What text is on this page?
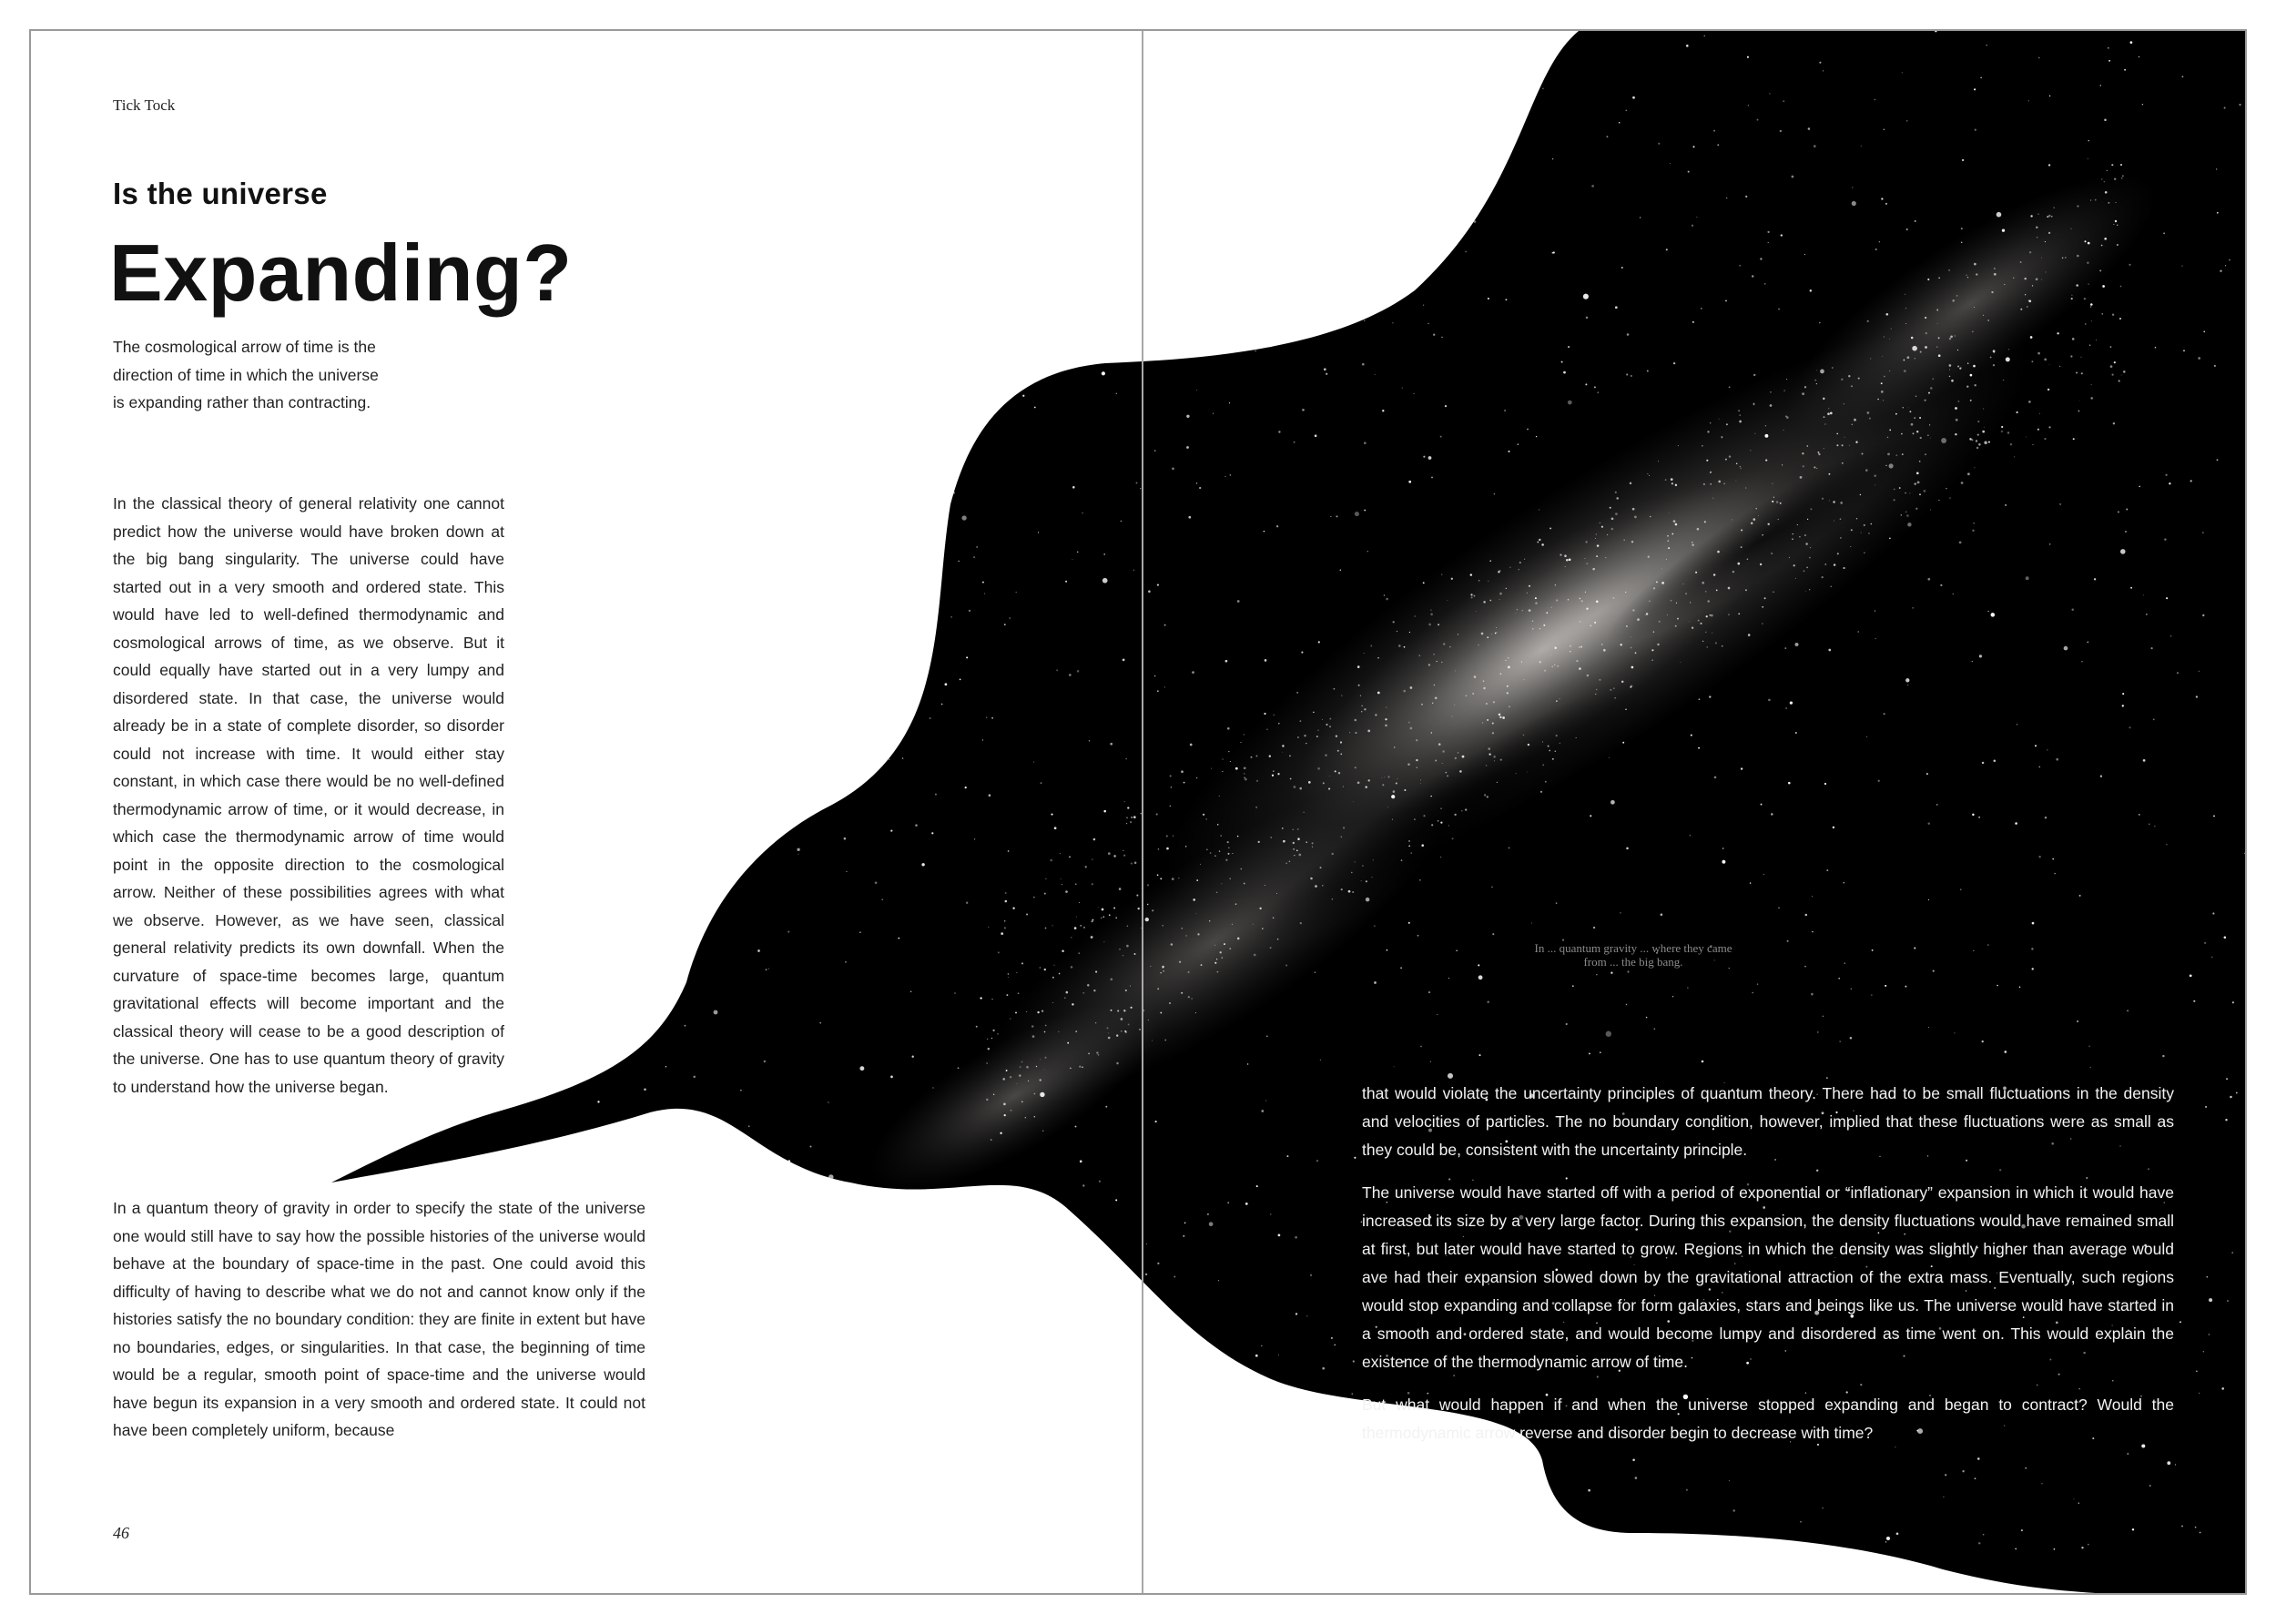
Tick Tock
Is the universe
Expanding?
The cosmological arrow of time is the direction of time in which the universe is expanding rather than contracting.
In the classical theory of general relativity one cannot predict how the universe would have broken down at the big bang singularity. The universe could have started out in a very smooth and ordered state. This would have led to well-defined thermodynamic and cosmological arrows of time, as we observe. But it could equally have started out in a very lumpy and disordered state. In that case, the universe would already be in a state of complete disorder, so disorder could not increase with time. It would either stay constant, in which case there would be no well-defined thermodynamic arrow of time, or it would decrease, in which case the thermodynamic arrow of time would point in the opposite direction to the cosmological arrow. Neither of these possibilities agrees with what we observe. However, as we have seen, classical general relativity predicts its own downfall. When the curvature of space-time becomes large, quantum gravitational effects will become important and the classical theory will cease to be a good description of the universe. One has to use quantum theory of gravity to understand how the universe began.
In a quantum theory of gravity in order to specify the state of the universe one would still have to say how the possible histories of the universe would behave at the boundary of space-time in the past. One could avoid this difficulty of having to describe what we do not and cannot know only if the histories satisfy the no boundary condition: they are finite in extent but have no boundaries, edges, or singularities. In that case, the beginning of time would be a regular, smooth point of space-time and the universe would have begun its expansion in a very smooth and ordered state. It could not have been completely uniform, because
46
In ... quantum gravity ... where they came from ... the big bang.

that would violate the uncertainty principles of quantum theory. There had to be small fluctuations in the density and velocities of particles. The no boundary condition, however, implied that these fluctuations were as small as they could be, consistent with the uncertainty principle.

The universe would have started off with a period of exponential or “inflationary” expansion in which it would have increased its size by a very large factor. During this expansion, the density fluctuations would have remained small at first, but later would have started to grow. Regions in which the density was slightly higher than average would ave had their expansion slowed down by the gravitational attraction of the extra mass. Eventually, such regions would stop expanding and collapse for form galaxies, stars and beings like us. The universe would have started in a smooth and ordered state, and would become lumpy and disordered as time went on. This would explain the existence of the thermodynamic arrow of time.

But what would happen if and when the universe stopped expanding and began to contract? Would the thermodynamic arrow reverse and disorder begin to decrease with time?
